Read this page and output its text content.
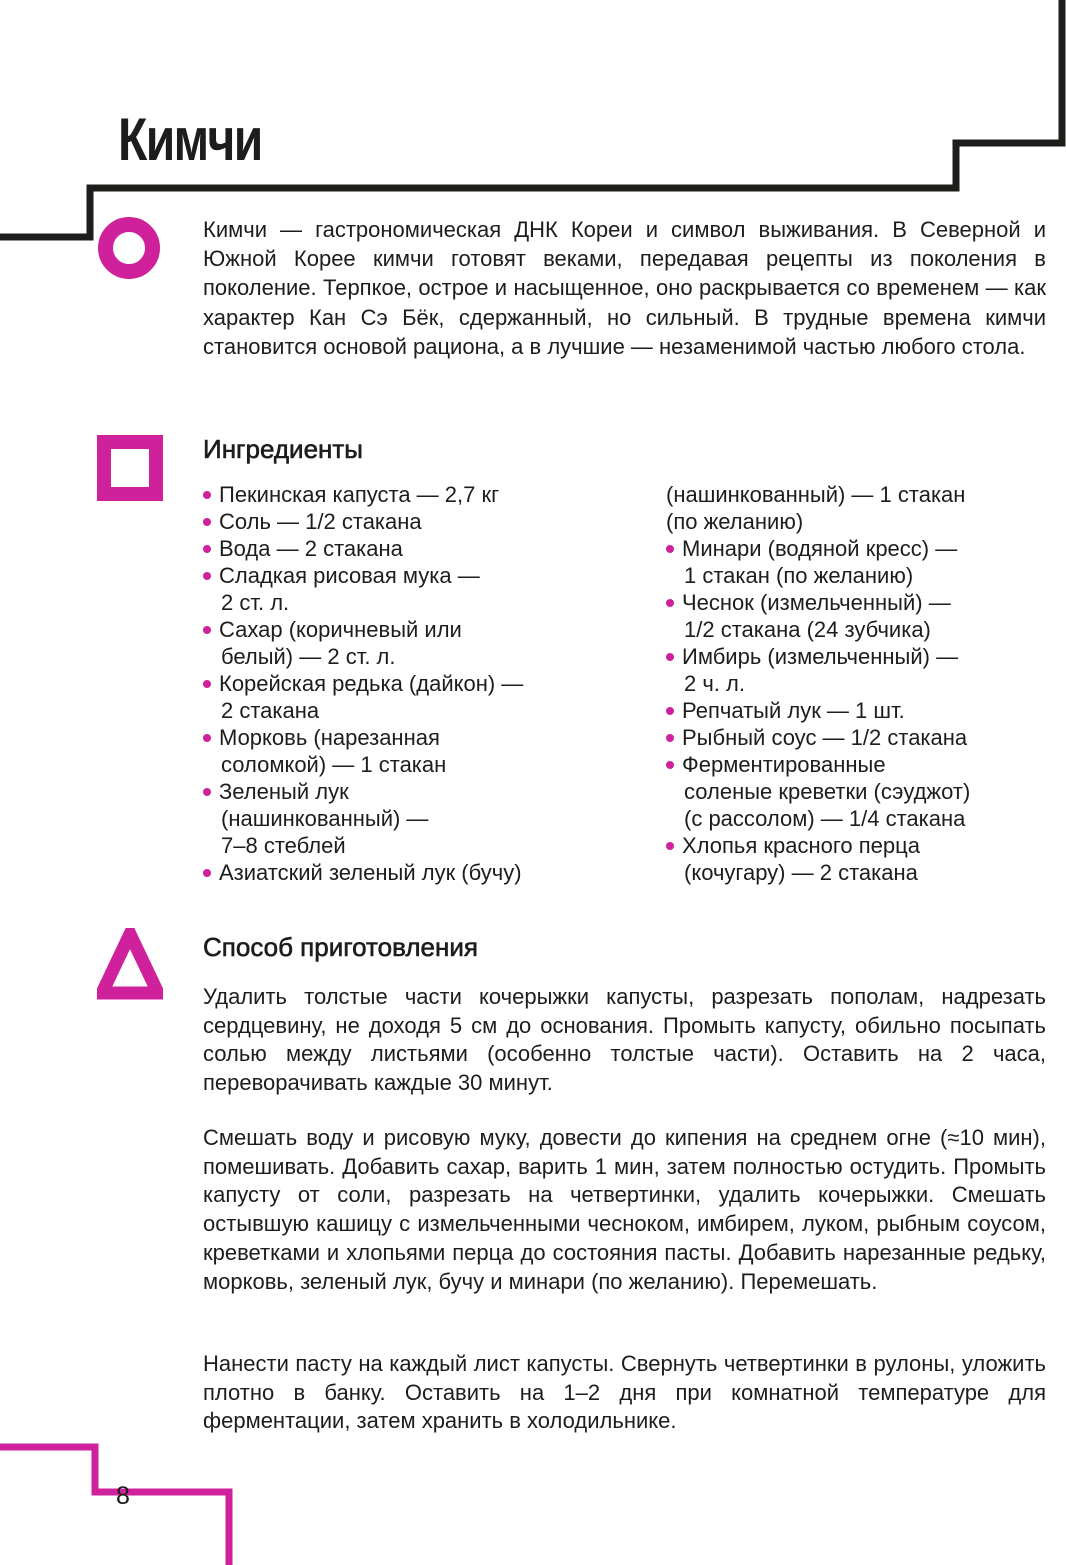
Кимчи

Кимчи — гастрономическая ДНК Кореи и символ выживания. В Северной и Южной Корее кимчи готовят веками, передавая рецепты из поколения в поколение. Терпкое, острое и насыщенное, оно раскрывается со временем — как характер Кан Сэ Бёк, сдержанный, но сильный. В трудные времена кимчи становится основой рациона, а в лучшие — незаменимой частью любого стола.

Ингредиенты
Пекинская капуста — 2,7 кг
Соль — 1/2 стакана
Вода — 2 стакана
Сладкая рисовая мука —
2 ст. л.
Сахар (коричневый или
белый) — 2 ст. л.
Корейская редька (дайкон) —
2 стакана
Морковь (нарезанная
соломкой) — 1 стакан
Зеленый лук
(нашинкованный) —
7–8 стеблей
Азиатский зеленый лук (бучу)
(нашинкованный) — 1 стакан
(по желанию)
Минари (водяной кресс) —
1 стакан (по желанию)
Чеснок (измельченный) —
1/2 стакана (24 зубчика)
Имбирь (измельченный) —
2 ч. л.
Репчатый лук — 1 шт.
Рыбный соус — 1/2 стакана
Ферментированные
соленые креветки (сэуджот)
(с рассолом) — 1/4 стакана
Хлопья красного перца
(кочугару) — 2 стакана
Способ приготовления

Удалить толстые части кочерыжки капусты, разрезать пополам, надрезать сердцевину, не доходя 5 см до основания. Промыть капусту, обильно посыпать солью между листьями (особенно толстые части). Оставить на 2 часа, переворачивать каждые 30 минут.

Смешать воду и рисовую муку, довести до кипения на среднем огне (≈10 мин), помешивать. Добавить сахар, варить 1 мин, затем полностью остудить. Промыть капусту от соли, разрезать на четвертинки, удалить кочерыжки. Смешать остывшую кашицу с измельченными чесноком, имбирем, луком, рыбным соусом, креветками и хлопьями перца до состояния пасты. Добавить нарезанные редьку, морковь, зеленый лук, бучу и минари (по желанию). Перемешать.

Нанести пасту на каждый лист капусты. Свернуть четвертинки в рулоны, уложить плотно в банку. Оставить на 1–2 дня при комнатной температуре для ферментации, затем хранить в холодильнике.

8
